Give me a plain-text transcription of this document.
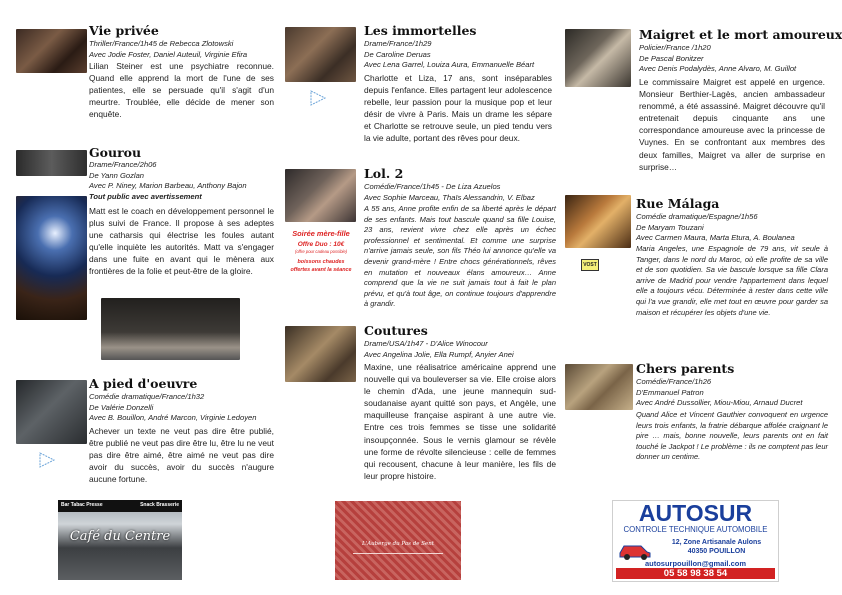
Vie privée
Thriller/France/1h45 de Rebecca Zlotowski
Avec Jodie Foster, Daniel Auteuil, Virginie Efira
Lilian Steiner est une psychiatre reconnue. Quand elle apprend la mort de l'une de ses patientes, elle se persuade qu'il s'agit d'un meurtre. Troublée, elle décide de mener son enquête.
Gourou
Drame/France/2h06
De Yann Gozlan
Avec P. Niney, Marion Barbeau, Anthony Bajon
Tout public avec avertissement
Matt est le coach en développement personnel le plus suivi de France. Il propose à ses adeptes une catharsis qui électrise les foules autant qu'elle inquiète les autorités. Matt va s'engager dans une fuite en avant qui le mènera aux frontières de la folie et peut-être de la gloire.
A pied d'oeuvre
Comédie dramatique/France/1h32
De Valérie Donzelli
Avec B. Bouillon, André Marcon, Virginie Ledoyen
Achever un texte ne veut pas dire être publié, être publié ne veut pas dire être lu, être lu ne veut pas dire être aimé, être aimé ne veut pas dire avoir du succès, avoir du succès n'augure aucune fortune.
Les immortelles
Drame/France/1h29
De Caroline Deruas
Avec Lena Garrel, Louiza Aura, Emmanuelle Béart
Charlotte et Liza, 17 ans, sont inséparables depuis l'enfance. Elles partagent leur adolescence rebelle, leur passion pour la musique pop et leur désir de vivre à Paris. Mais un drame les sépare et Charlotte se retrouve seule, un pied tendu vers la vie adulte, portant des rêves pour deux.
Soirée mère-fille
Offre Duo : 10€
(offre pour cadeau possible)
boissons chaudes offertes avant la séance
Lol. 2
Comédie/France/1h45 - De Liza Azuelos
Avec Sophie Marceau, Thaïs Alessandrin, V. Elbaz
A 55 ans, Anne profite enfin de sa liberté après le départ de ses enfants. Mais tout bascule quand sa fille Louise, 23 ans, revient vivre chez elle après un échec professionnel et sentimental. Et comme une surprise n'arrive jamais seule, son fils Théo lui annonce qu'elle va devenir grand-mère ! Entre chocs générationnels, rêves en mutation et nouveaux élans amoureux… Anne comprend que la vie ne suit jamais tout à fait le plan prévu, et qu'à tout âge, on continue toujours d'apprendre à grandir.
Coutures
Drame/USA/1h47 - D'Alice Winocour
Avec Angelina Jolie, Ella Rumpf, Anyier Anei
Maxine, une réalisatrice américaine apprend une nouvelle qui va bouleverser sa vie. Elle croise alors le chemin d'Ada, une jeune mannequin sud-soudanaise ayant quitté son pays, et Angèle, une maquilleuse française aspirant à une autre vie. Entre ces trois femmes se tisse une solidarité insoupçonnée. Sous le vernis glamour se révèle une forme de révolte silencieuse : celle de femmes qui recousent, chacune à leur manière, les fils de leur propre histoire.
Maigret et le mort amoureux
Policier/France /1h20
De Pascal Bonitzer
Avec Denis Podalydès, Anne Alvaro, M. Guillot
Le commissaire Maigret est appelé en urgence. Monsieur Berthier-Lagès, ancien ambassadeur renommé, a été assassiné. Maigret découvre qu'il entretenait depuis cinquante ans une correspondance amoureuse avec la princesse de Vuynes. En se confrontant aux membres des deux familles, Maigret va aller de surprise en surprise…
VOST
Rue Málaga
Comédie dramatique/Espagne/1h56
De Maryam Touzani
Avec Carmen Maura, Marta Etura, A. Boulanea
Maria Angeles, une Espagnole de 79 ans, vit seule à Tanger, dans le nord du Maroc, où elle profite de sa ville et de son quotidien. Sa vie bascule lorsque sa fille Clara arrive de Madrid pour vendre l'appartement dans lequel elle a toujours vécu. Déterminée à rester dans cette ville qui l'a vue grandir, elle met tout en œuvre pour garder sa maison et récupérer les objets d'une vie.
Chers parents
Comédie/France/1h26
D'Emmanuel Patron
Avec André Dussollier, Miou-Miou, Arnaud Ducret
Quand Alice et Vincent Gauthier convoquent en urgence leurs trois enfants, la fratrie débarque affolée craignant le pire … mais, bonne nouvelle, leurs parents ont en fait touché le Jackpot ! Le problème : ils ne comptent pas leur donner un centime.
Bar Tabac Presse	Snack Brasserie
Café du Centre	L'Auberge du Pas de Sent
AUTOSUR
CONTROLE TECHNIQUE AUTOMOBILE
12, Zone Artisanale Aulons
40350 POUILLON
autosurpouillon@gmail.com
05 58 98 38 54
